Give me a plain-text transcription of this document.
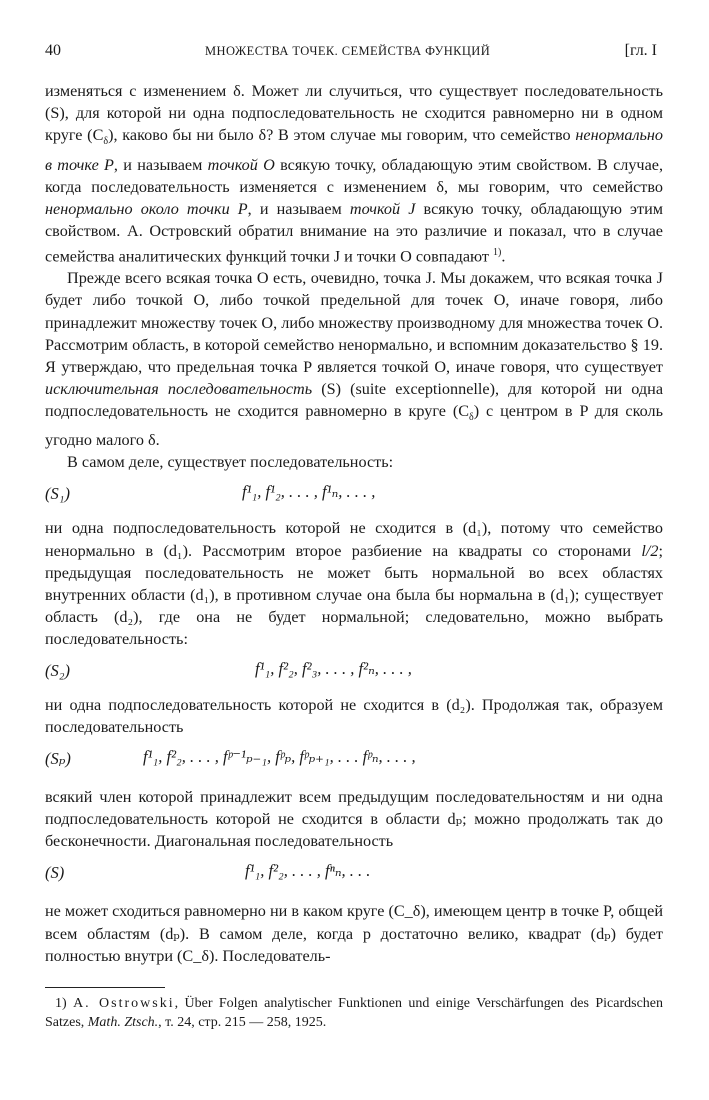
40	МНОЖЕСТВА ТОЧЕК. СЕМЕЙСТВА ФУНКЦИЙ	[гл. I

изменяться с изменением δ. Может ли случиться, что существует последовательность (S), для которой ни одна подпоследовательность не сходится равномерно ни в одном круге $(C_\delta)$, каково бы ни было δ? В этом случае мы говорим, что семейство ненормально в точке P, и называем точкой O всякую точку, обладающую этим свойством. В случае, когда последовательность изменяется с изменением δ, мы говорим, что семейство ненормально около точки P, и называем точкой J всякую точку, обладающую этим свойством. А. Островский обратил внимание на это различие и показал, что в случае семейства аналитических функций точки J и точки O совпадают $^{1)}$.

Прежде всего всякая точка O есть, очевидно, точка J. Мы докажем, что всякая точка J будет либо точкой O, либо точкой предельной для точек O, иначе говоря, либо принадлежит множеству точек O, либо множеству производному для множества точек O. Рассмотрим область, в которой семейство ненормально, и вспомним доказательство § 19. Я утверждаю, что предельная точка P является точкой O, иначе говоря, что существует исключительная последовательность (S) (suite exceptionnelle), для которой ни одна подпоследовательность не сходится равномерно в круге $(C_\delta)$ с центром в P для сколь угодно малого δ.

В самом деле, существует последовательность:

(S₁)	f¹₁, f¹₂, . . . , f¹ₙ, . . . ,

ни одна подпоследовательность которой не сходится в (d₁), потому что семейство ненормально в (d₁). Рассмотрим второе разбиение на квадраты со сторонами l/2; предыдущая последовательность не может быть нормальной во всех областях внутренних области (d₁), в противном случае она была бы нормальна в (d₁); существует область (d₂), где она не будет нормальной; следовательно, можно выбрать последовательность:

(S₂)	f¹₁, f²₂, f²₃, . . . , f²ₙ, . . . ,

ни одна подпоследовательность которой не сходится в (d₂). Продолжая так, образуем последовательность

(Sₚ)	f¹₁, f²₂, . . . , fᵖ⁻¹ₚ₋₁, fᵖₚ, fᵖₚ₊₁, . . . fᵖₙ, . . . ,

всякий член которой принадлежит всем предыдущим последовательностям и ни одна подпоследовательность которой не сходится в области dₚ; можно продолжать так до бесконечности. Диагональная последовательность

(S)	f¹₁, f²₂, . . . , fⁿₙ, . . .

не может сходиться равномерно ни в каком круге (C_δ), имеющем центр в точке P, общей всем областям (dₚ). В самом деле, когда p достаточно велико, квадрат (dₚ) будет полностью внутри (C_δ). Последователь-

1) A. Ostrowski, Über Folgen analytischer Funktionen und einige Verschärfungen des Picardschen Satzes, Math. Ztsch., т. 24, стр. 215 — 258, 1925.
